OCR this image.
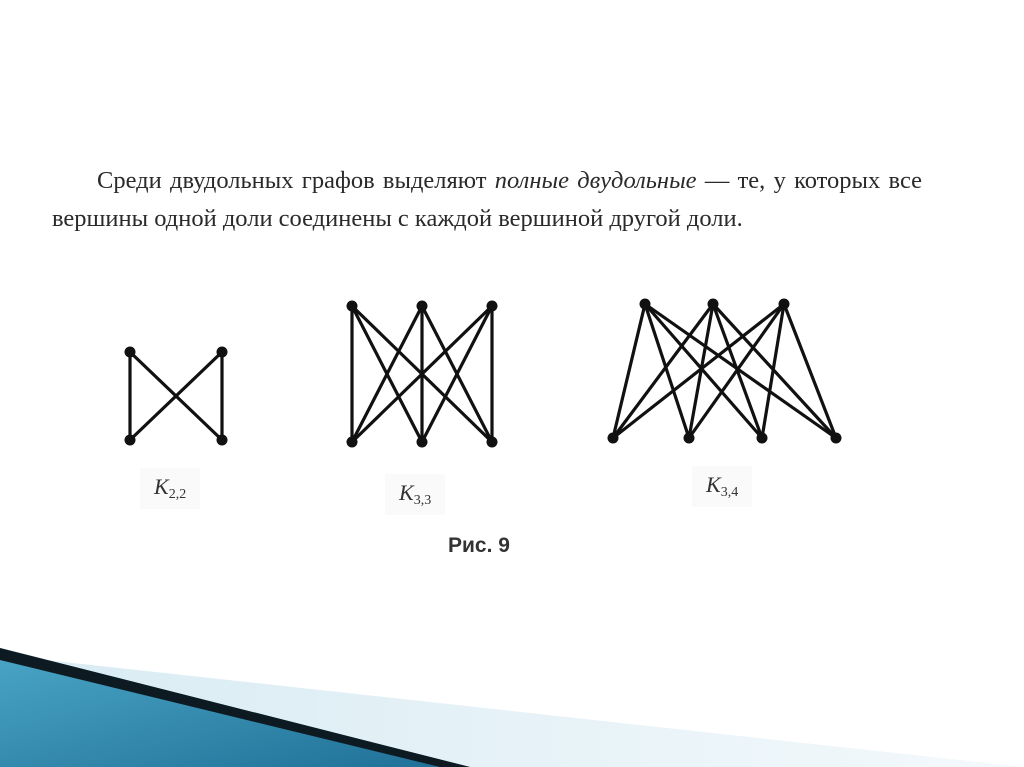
Среди двудольных графов выделяют полные двудольные — те, у которых все вершины одной доли соединены с каждой вершиной другой доли.

$K_{2,2}$	$K_{3,3}$
$K_{3,4}$
Рис. 9
